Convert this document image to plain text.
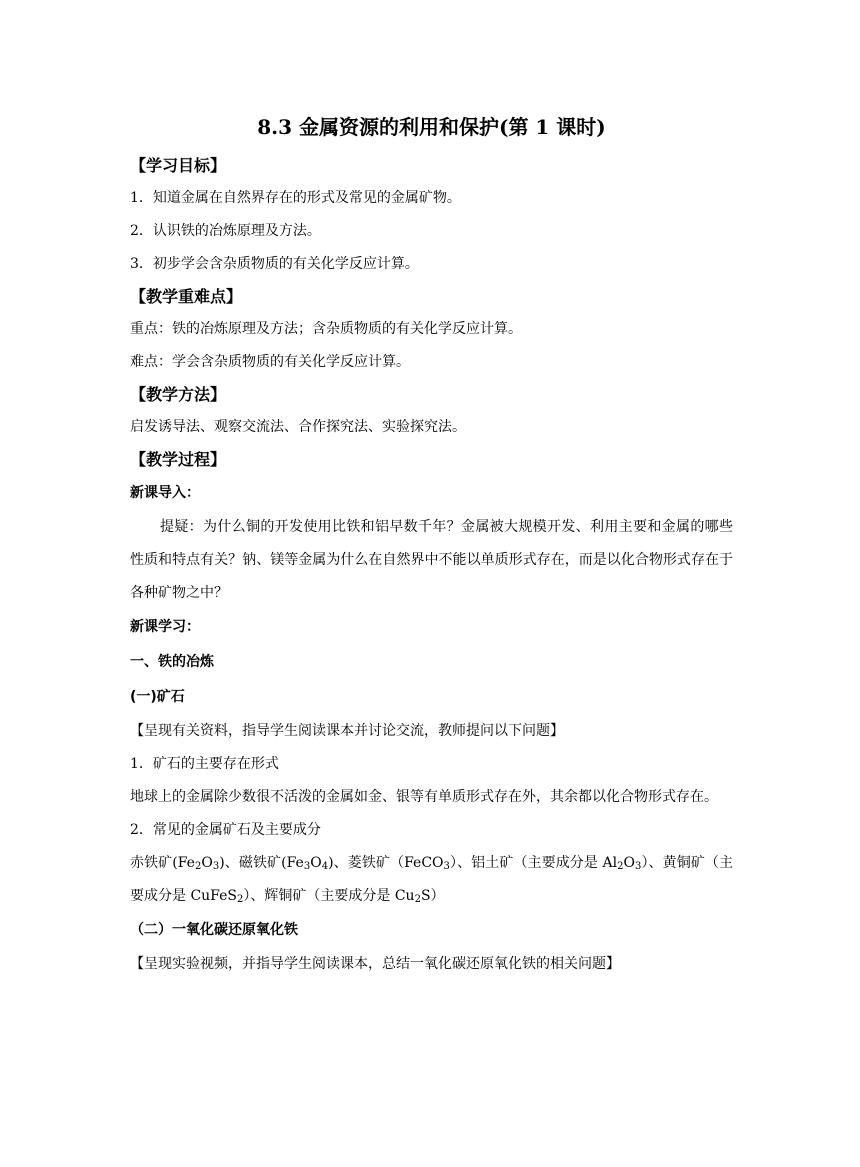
8.3 金属资源的利用和保护(第 1 课时)

【学习目标】

1．知道金属在自然界存在的形式及常见的金属矿物。

2．认识铁的冶炼原理及方法。

3．初步学会含杂质物质的有关化学反应计算。

【教学重难点】

重点：铁的冶炼原理及方法；含杂质物质的有关化学反应计算。

难点：学会含杂质物质的有关化学反应计算。

【教学方法】

启发诱导法、观察交流法、合作探究法、实验探究法。

【教学过程】

新课导入：

提疑：为什么铜的开发使用比铁和铝早数千年？金属被大规模开发、利用主要和金属的哪些性质和特点有关？钠、镁等金属为什么在自然界中不能以单质形式存在，而是以化合物形式存在于各种矿物之中？

新课学习：

一、铁的冶炼

(一)矿石

【呈现有关资料，指导学生阅读课本并讨论交流，教师提问以下问题】

1．矿石的主要存在形式

地球上的金属除少数很不活泼的金属如金、银等有单质形式存在外，其余都以化合物形式存在。

2．常见的金属矿石及主要成分

赤铁矿$(Fe_2O_3)$、磁铁矿$(Fe_3O_4)$、菱铁矿（FeCO$_3$）、铝土矿（主要成分是 $Al_2O_3$）、黄铜矿（主要成分是 CuFeS$_2$）、辉铜矿（主要成分是 $Cu_2S$）

（二）一氧化碳还原氧化铁

【呈现实验视频，并指导学生阅读课本，总结一氧化碳还原氧化铁的相关问题】
